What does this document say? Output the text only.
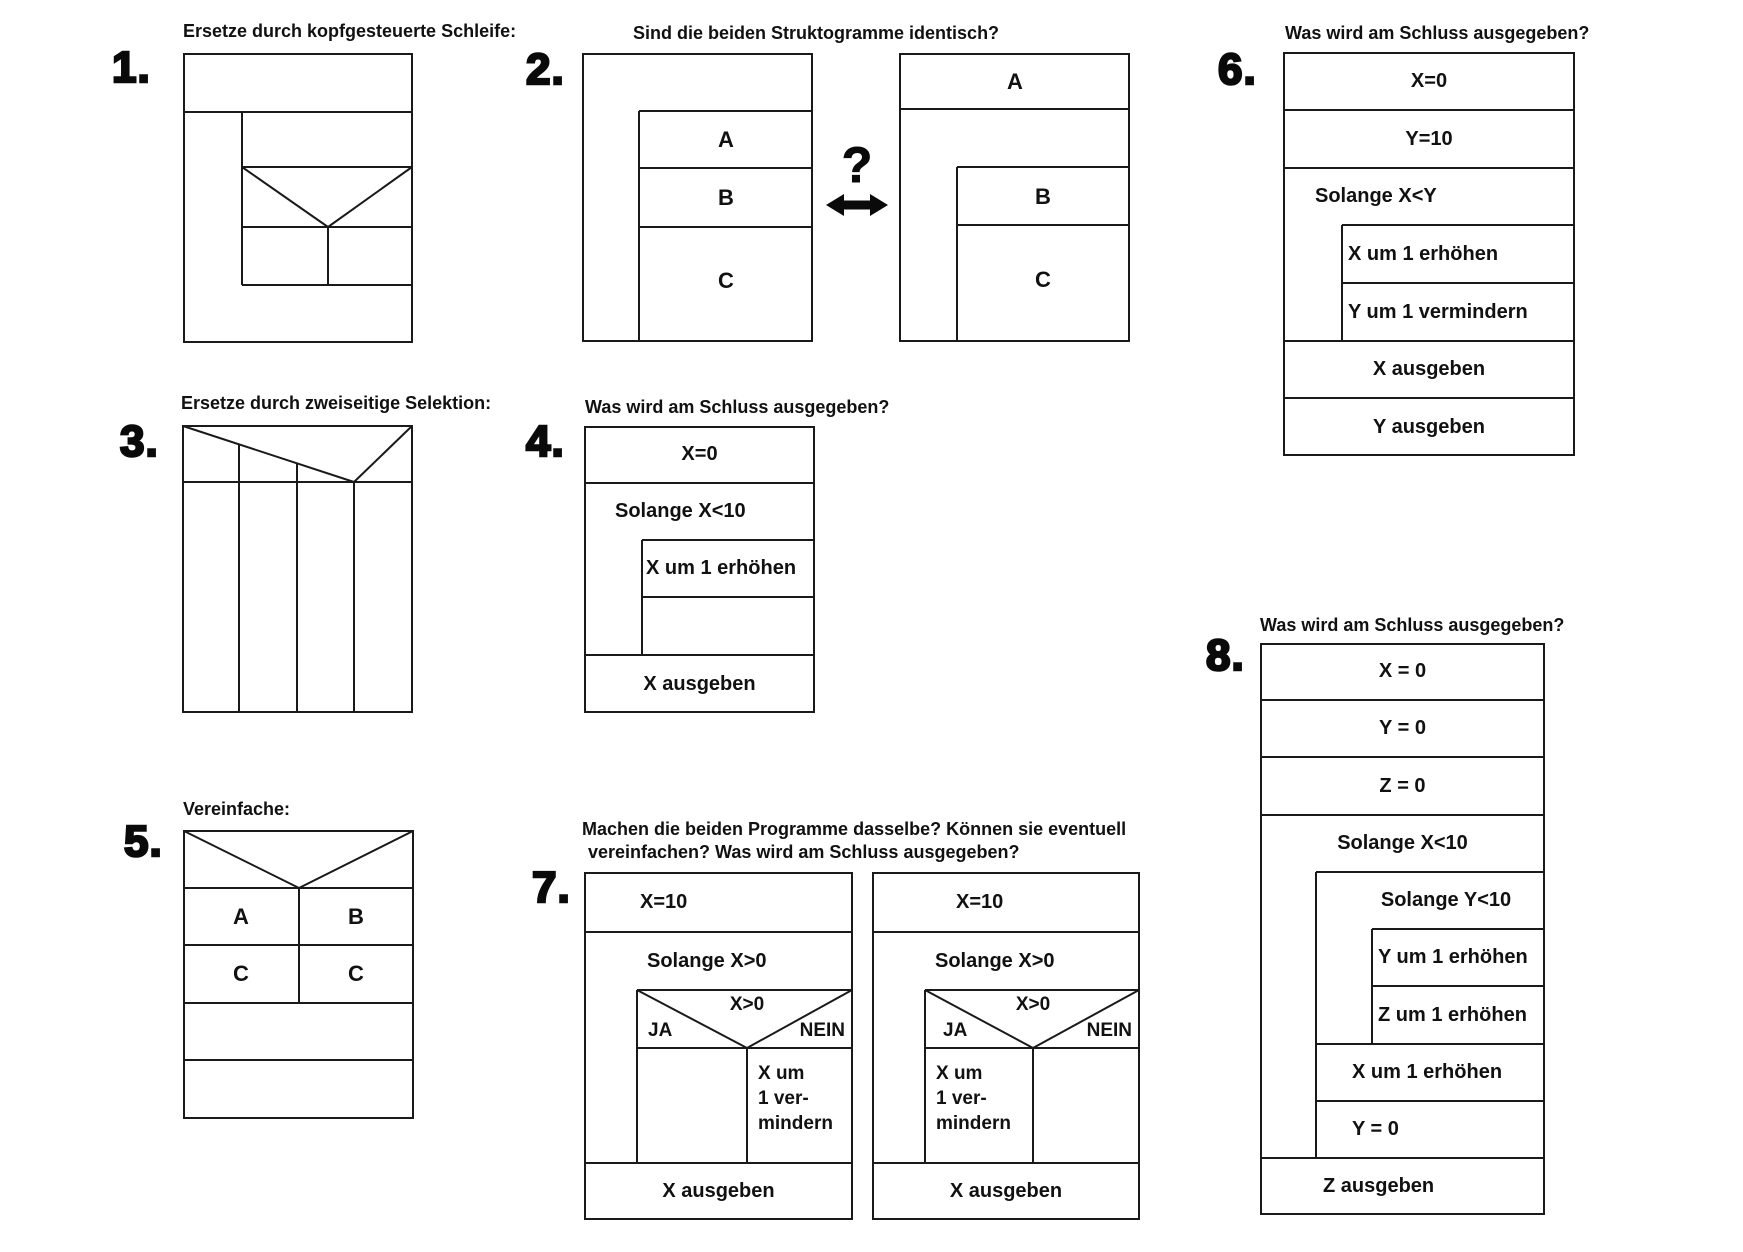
1.
Ersetze durch kopfgesteuerte Schleife:
2.
Sind die beiden Struktogramme identisch?
A
B
C
?
A
B
C
3.
Ersetze durch zweiseitige Selektion:
4.
Was wird am Schluss ausgegeben?
X=0
Solange X<10
X um 1 erhöhen
X ausgeben
5.
Vereinfache:
A	B
C	C
6.
Was wird am Schluss ausgegeben?
X=0
Y=10
Solange X<Y
X um 1 erhöhen
Y um 1 vermindern
X ausgeben
Y ausgeben
7.
Machen die beiden Programme dasselbe? Können sie eventuell
vereinfachen? Was wird am Schluss ausgegeben?
X=10
Solange X>0
X>0
JA	NEIN
X um
1 ver-
mindern
X ausgeben
X=10
Solange X>0
X>0
JA	NEIN
X um
1 ver-
mindern
X ausgeben
8.
Was wird am Schluss ausgegeben?
X = 0
Y = 0
Z = 0
Solange X<10
Solange Y<10
Y um 1 erhöhen
Z um 1 erhöhen
X um 1 erhöhen
Y = 0
Z ausgeben
